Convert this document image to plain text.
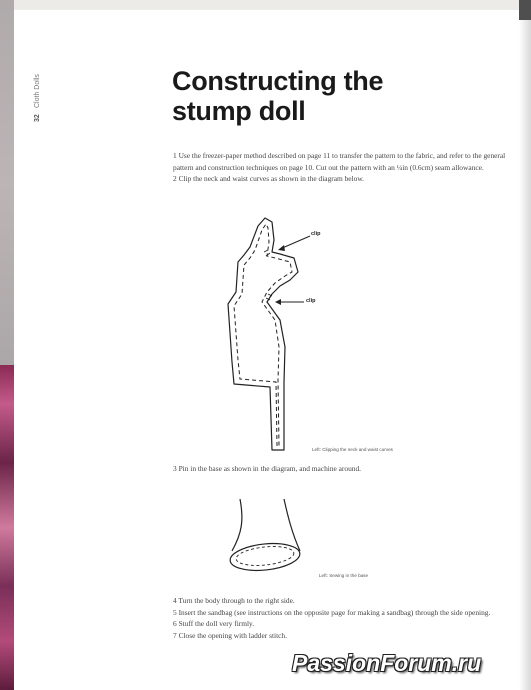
32
Cloth Dolls	Constructing the
stump doll
1 Use the freezer-paper method described on page 11 to transfer the pattern to the fabric, and refer to the general pattern and construction techniques on page 10. Cut out the pattern with an ¼in (0.6cm) seam allowance.
2 Clip the neck and waist curves as shown in the diagram below.
clip
clip
Left: Clipping the neck and waist curves
3 Pin in the base as shown in the diagram, and machine around.
Left: Sewing in the base
4 Turn the body through to the right side.
5 Insert the sandbag (see instructions on the opposite page for making a sandbag) through the side opening.
6 Stuff the doll very firmly.
7 Close the opening with ladder stitch.
PassionForum.ru
